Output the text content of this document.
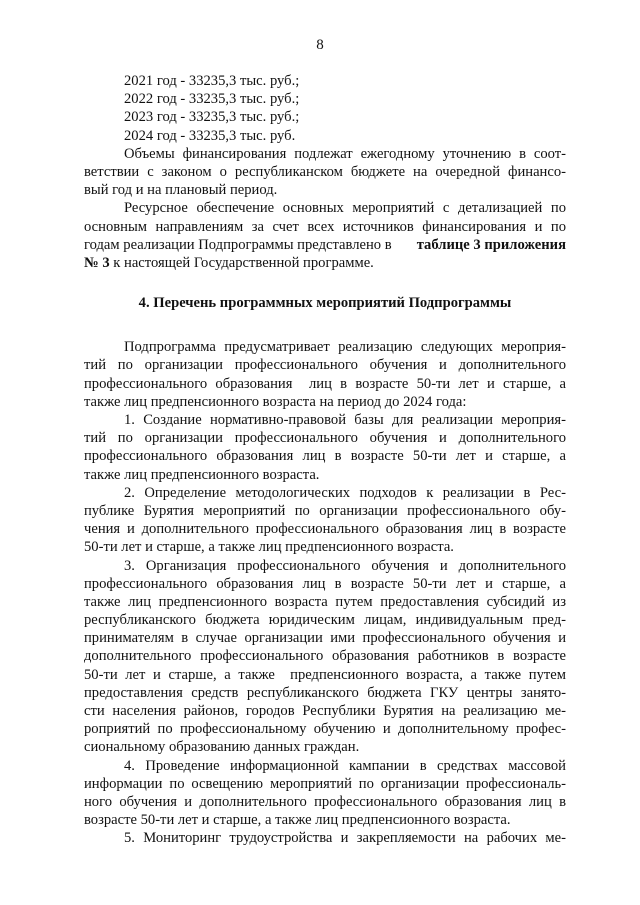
8
2021 год - 33235,3 тыс. руб.;
2022 год - 33235,3 тыс. руб.;
2023 год - 33235,3 тыс. руб.;
2024 год - 33235,3 тыс. руб.
Объемы финансирования подлежат ежегодному уточнению в соот-
ветствии с законом о республиканском бюджете на очередной финансо-
вый год и на плановый период.
Ресурсное обеспечение основных мероприятий с детализацией по
основным направлениям за счет всех источников финансирования и по
годам реализации Подпрограммы представлено в таблице 3 приложения
№ 3 к настоящей Государственной программе.
4. Перечень программных мероприятий Подпрограммы
Подпрограмма предусматривает реализацию следующих мероприя-
тий по организации профессионального обучения и дополнительного
профессионального образования  лиц в возрасте 50-ти лет и старше, а
также лиц предпенсионного возраста на период до 2024 года:
1. Создание нормативно-правовой базы для реализации мероприя-
тий по организации профессионального обучения и дополнительного
профессионального образования лиц в возрасте 50-ти лет и старше, а
также лиц предпенсионного возраста.
2. Определение методологических подходов к реализации в Рес-
публике Бурятия мероприятий по организации профессионального обу-
чения и дополнительного профессионального образования лиц в возрасте
50-ти лет и старше, а также лиц предпенсионного возраста.
3. Организация профессионального обучения и дополнительного
профессионального образования лиц в возрасте 50-ти лет и старше, а
также лиц предпенсионного возраста путем предоставления субсидий из
республиканского бюджета юридическим лицам, индивидуальным пред-
принимателям в случае организации ими профессионального обучения и
дополнительного профессионального образования работников в возрасте
50-ти лет и старше, а также  предпенсионного возраста, а также путем
предоставления средств республиканского бюджета ГКУ центры занято-
сти населения районов, городов Республики Бурятия на реализацию ме-
роприятий по профессиональному обучению и дополнительному профес-
сиональному образованию данных граждан.
4. Проведение информационной кампании в средствах массовой
информации по освещению мероприятий по организации профессиональ-
ного обучения и дополнительного профессионального образования лиц в
возрасте 50-ти лет и старше, а также лиц предпенсионного возраста.
5. Мониторинг трудоустройства и закрепляемости на рабочих ме-
